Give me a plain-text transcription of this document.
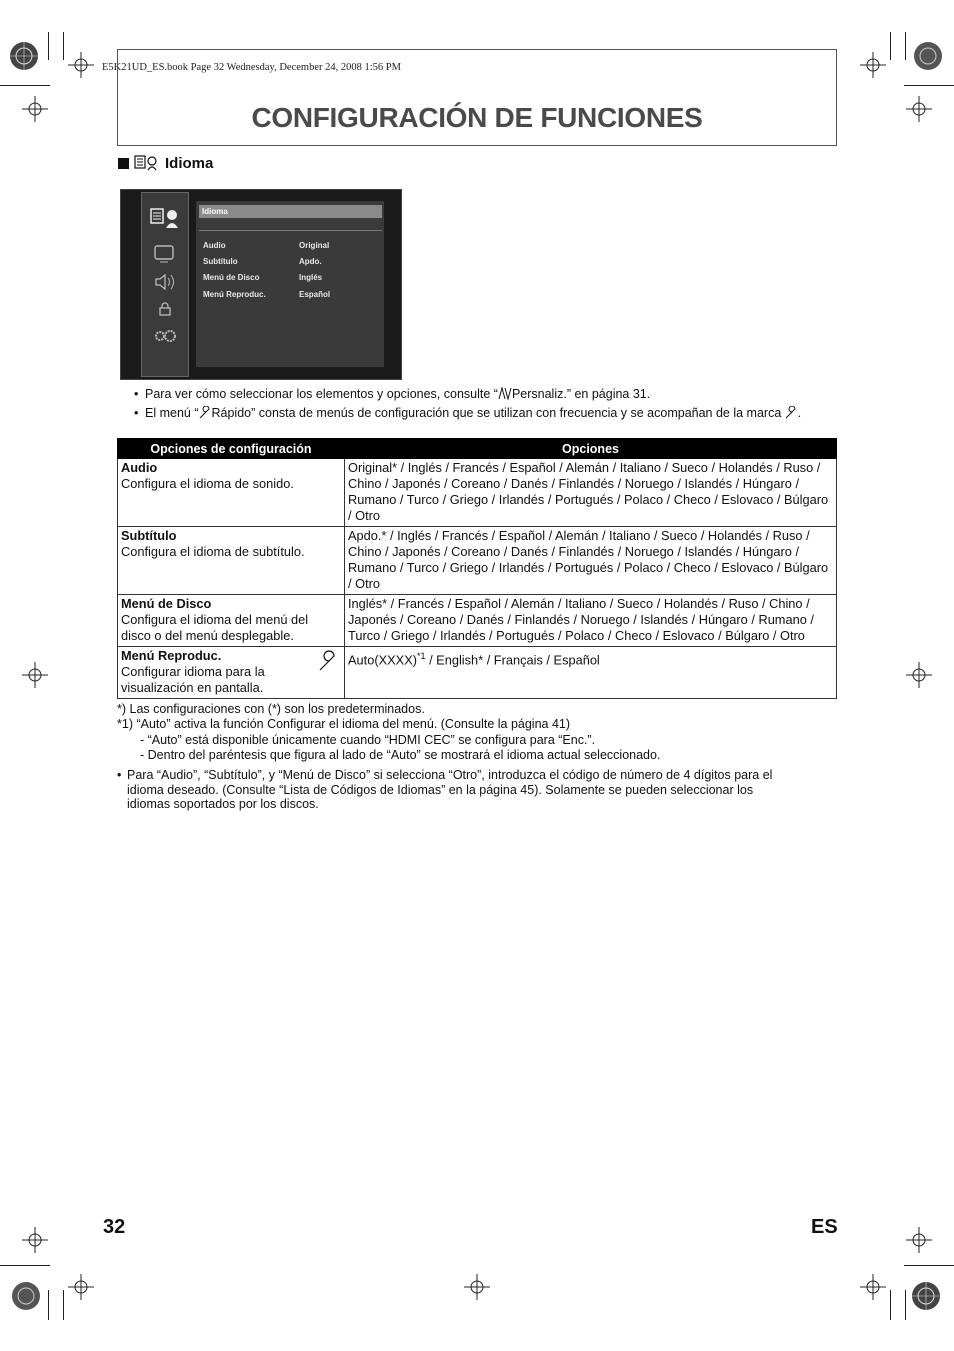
E5K21UD_ES.book Page 32 Wednesday, December 24, 2008 1:56 PM
CONFIGURACIÓN DE FUNCIONES
Idioma
Idioma
Audio	Original
Subtítulo	Apdo.
Menú de Disco	Inglés
Menú Reproduc.	Español
• Para ver cómo seleccionar los elementos y opciones, consulte “ Persnaliz.” en página 31.
• El menú “ Rápido” consta de menús de configuración que se utilizan con frecuencia y se acompañan de la marca .
Opciones de configuración	Opciones

Audio
Configura el idioma de sonido.	Original* / Inglés / Francés / Español / Alemán / Italiano / Sueco / Holandés / Ruso / Chino / Japonés / Coreano / Danés / Finlandés / Noruego / Islandés / Húngaro / Rumano / Turco / Griego / Irlandés / Portugués / Polaco / Checo / Eslovaco / Búlgaro / Otro

Subtítulo
Configura el idioma de subtítulo.	Apdo.* / Inglés / Francés / Español / Alemán / Italiano / Sueco / Holandés / Ruso / Chino / Japonés / Coreano / Danés / Finlandés / Noruego / Islandés / Húngaro / Rumano / Turco / Griego / Irlandés / Portugués / Polaco / Checo / Eslovaco / Búlgaro / Otro

Menú de Disco
Configura el idioma del menú del disco o del menú desplegable.	Inglés* / Francés / Español / Alemán / Italiano / Sueco / Holandés / Ruso / Chino / Japonés / Coreano / Danés / Finlandés / Noruego / Islandés / Húngaro / Rumano / Turco / Griego / Irlandés / Portugués / Polaco / Checo / Eslovaco / Búlgaro / Otro

Menú Reproduc.
Configurar idioma para la visualización en pantalla.	Auto(XXXX)$^{*1}$ / English* / Français / Español
*) Las configuraciones con (*) son los predeterminados.
*1) “Auto” activa la función Configurar el idioma del menú. (Consulte la página 41)
- “Auto” está disponible únicamente cuando “HDMI CEC” se configura para “Enc.”.
- Dentro del paréntesis que figura al lado de “Auto” se mostrará el idioma actual seleccionado.
• Para “Audio”, “Subtítulo”, y “Menú de Disco” si selecciona “Otro”, introduzca el código de número de 4 dígitos para el
idioma deseado. (Consulte “Lista de Códigos de Idiomas” en la página 45). Solamente se pueden seleccionar los
idiomas soportados por los discos.
32	ES
